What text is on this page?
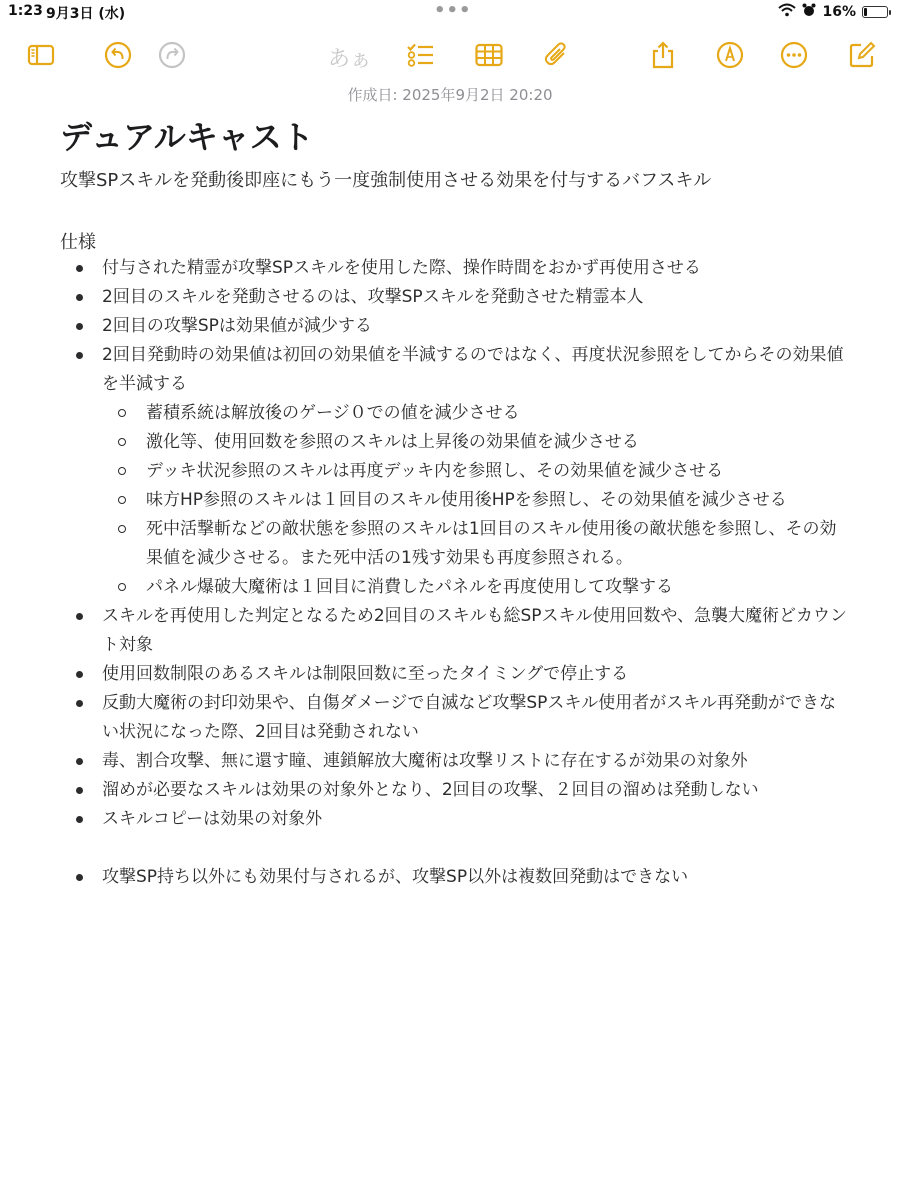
1:23 9月3日 (水)	•••	16%
あぁ
作成日: 2025年9月2日 20:20
デュアルキャスト
攻撃SPスキルを発動後即座にもう一度強制使用させる効果を付与するバフスキル
仕様
付与された精霊が攻撃SPスキルを使用した際、操作時間をおかず再使用させる
2回目のスキルを発動させるのは、攻撃SPスキルを発動させた精霊本人
2回目の攻撃SPは効果値が減少する
2回目発動時の効果値は初回の効果値を半減するのではなく、再度状況参照をしてからその効果値を半減する
蓄積系統は解放後のゲージ０での値を減少させる
激化等、使用回数を参照のスキルは上昇後の効果値を減少させる
デッキ状況参照のスキルは再度デッキ内を参照し、その効果値を減少させる
味方HP参照のスキルは１回目のスキル使用後HPを参照し、その効果値を減少させる
死中活撃斬などの敵状態を参照のスキルは1回目のスキル使用後の敵状態を参照し、その効果値を減少させる。また死中活の1残す効果も再度参照される。
パネル爆破大魔術は１回目に消費したパネルを再度使用して攻撃する
スキルを再使用した判定となるため2回目のスキルも総SPスキル使用回数や、急襲大魔術どカウント対象
使用回数制限のあるスキルは制限回数に至ったタイミングで停止する
反動大魔術の封印効果や、自傷ダメージで自滅など攻撃SPスキル使用者がスキル再発動ができない状況になった際、2回目は発動されない
毒、割合攻撃、無に還す瞳、連鎖解放大魔術は攻撃リストに存在するが効果の対象外
溜めが必要なスキルは効果の対象外となり、2回目の攻撃、２回目の溜めは発動しない
スキルコピーは効果の対象外
攻撃SP持ち以外にも効果付与されるが、攻撃SP以外は複数回発動はできない
